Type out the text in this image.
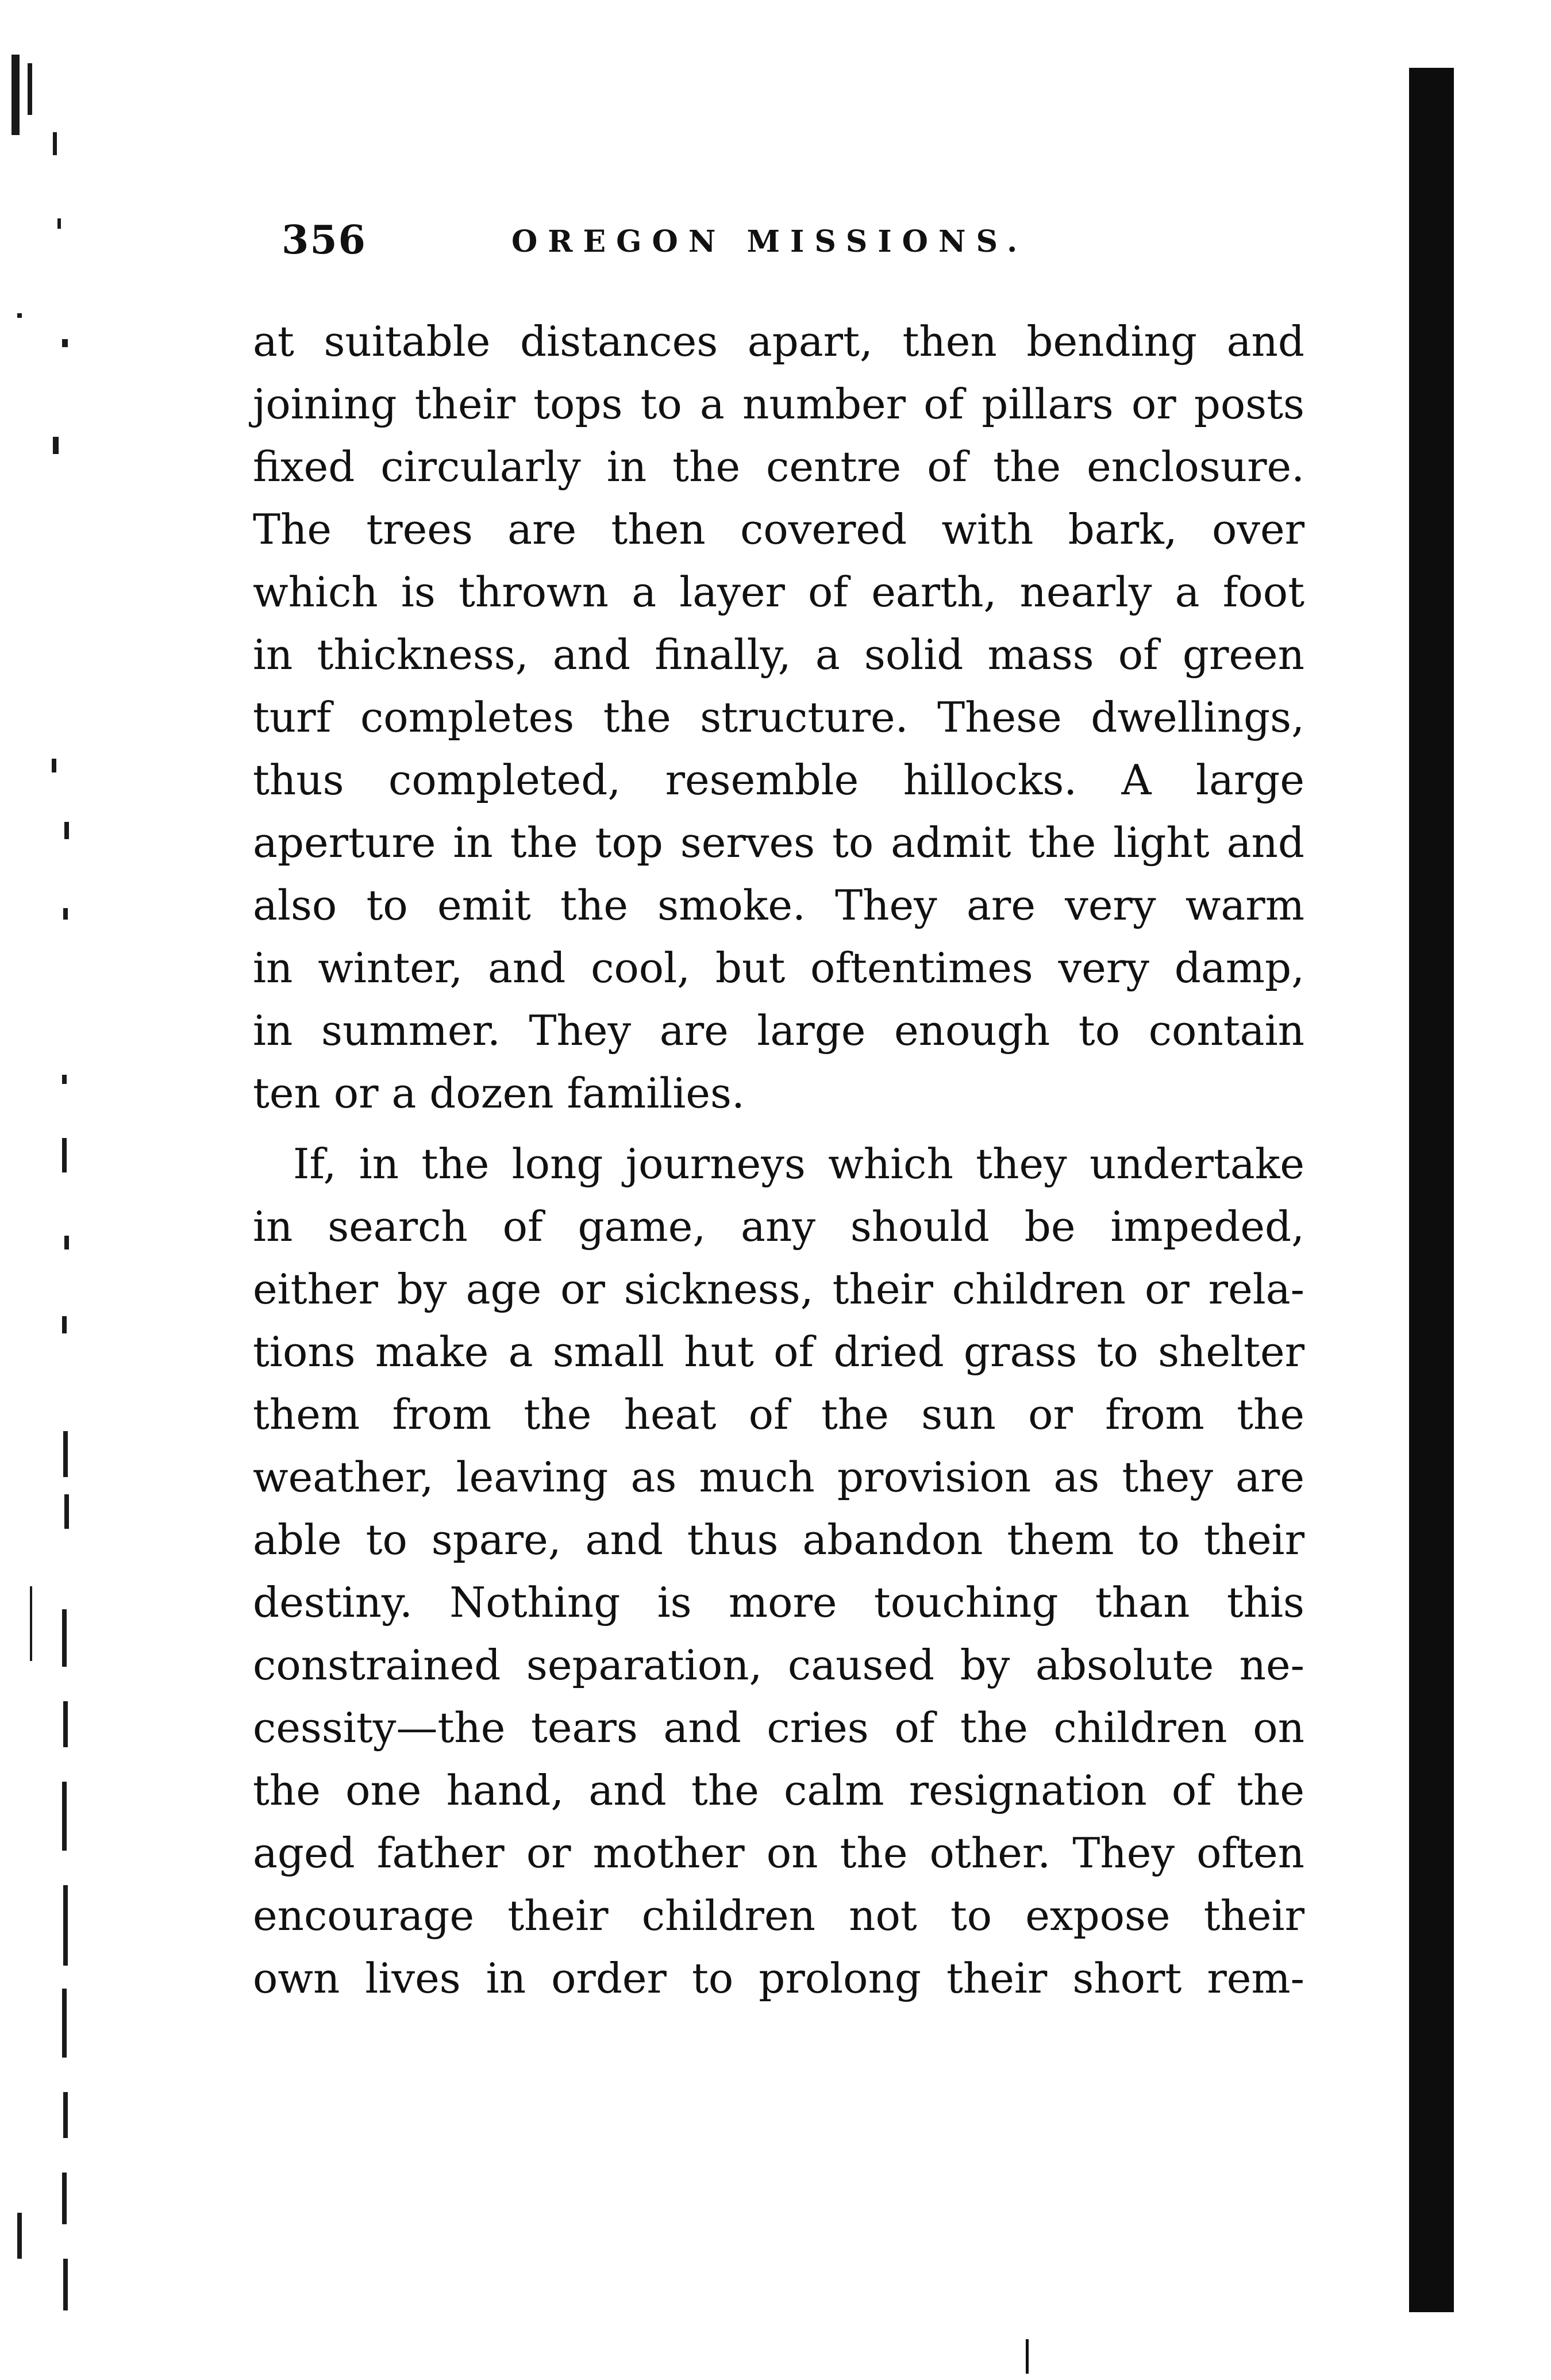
356	OREGON MISSIONS.
at suitable distances apart, then bending and
joining their tops to a number of pillars or posts
fixed circularly in the centre of the enclosure.
The trees are then covered with bark, over
which is thrown a layer of earth, nearly a foot
in thickness, and finally, a solid mass of green
turf completes the structure. These dwellings,
thus completed, resemble hillocks. A large
aperture in the top serves to admit the light and
also to emit the smoke. They are very warm
in winter, and cool, but oftentimes very damp,
in summer. They are large enough to contain
ten or a dozen families.
If, in the long journeys which they undertake
in search of game, any should be impeded,
either by age or sickness, their children or rela-
tions make a small hut of dried grass to shelter
them from the heat of the sun or from the
weather, leaving as much provision as they are
able to spare, and thus abandon them to their
destiny. Nothing is more touching than this
constrained separation, caused by absolute ne-
cessity—the tears and cries of the children on
the one hand, and the calm resignation of the
aged father or mother on the other. They often
encourage their children not to expose their
own lives in order to prolong their short rem-
